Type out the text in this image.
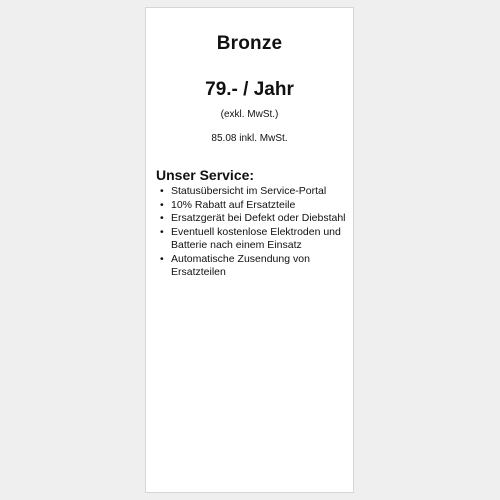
Bronze
79.- / Jahr
(exkl. MwSt.)
85.08 inkl. MwSt.
Unser Service:
• Statusübersicht im Service-Portal
• 10% Rabatt auf Ersatzteile
• Ersatzgerät bei Defekt oder Diebstahl
• Eventuell kostenlose Elektroden und Batterie nach einem Einsatz
• Automatische Zusendung von Ersatzteilen
